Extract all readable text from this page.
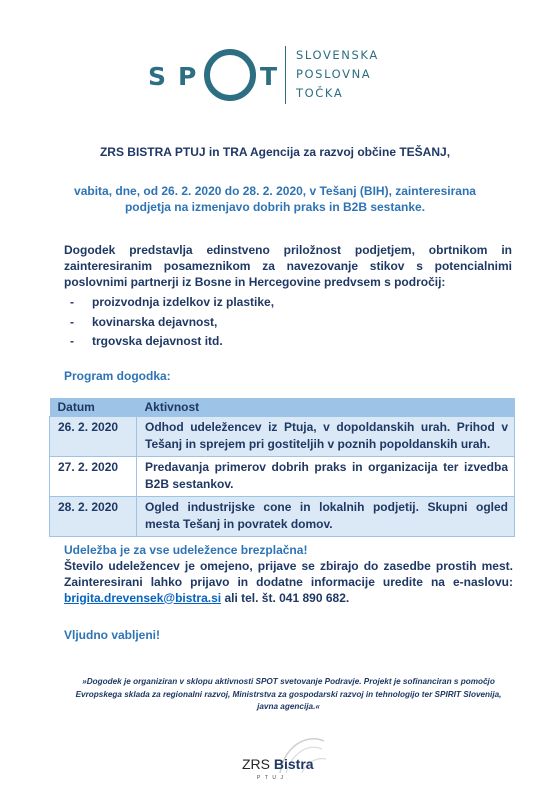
S P	T
SLOVENSKA
POSLOVNA
TOČKA
ZRS BISTRA PTUJ in TRA Agencija za razvoj občine TEŠANJ,
vabita, dne, od 26. 2. 2020 do 28. 2. 2020, v Tešanj (BIH), zainteresirana
podjetja na izmenjavo dobrih praks in B2B sestanke.
Dogodek predstavlja edinstveno priložnost podjetjem, obrtnikom in zainteresiranim posameznikom za navezovanje stikov s potencialnimi poslovnimi partnerji iz Bosne in Hercegovine predvsem s področij:
- proizvodnja izdelkov iz plastike,
- kovinarska dejavnost,
- trgovska dejavnost itd.
Program dogodka:
Datum	Aktivnost
26. 2. 2020	Odhod udeležencev iz Ptuja, v dopoldanskih urah. Prihod v Tešanj in sprejem pri gostiteljih v poznih popoldanskih urah.
27. 2. 2020	Predavanja primerov dobrih praks in organizacija ter izvedba B2B sestankov.
28. 2. 2020	Ogled industrijske cone in lokalnih podjetij. Skupni ogled mesta Tešanj in povratek domov.
Udeležba je za vse udeležence brezplačna!
Število udeležencev je omejeno, prijave se zbirajo do zasedbe prostih mest. Zainteresirani lahko prijavo in dodatne informacije uredite na e-naslovu: brigita.drevensek@bistra.si ali tel. št. 041 890 682.
Vljudno vabljeni!
»Dogodek je organiziran v sklopu aktivnosti SPOT svetovanje Podravje. Projekt je sofinanciran s pomočjo Evropskega sklada za regionalni razvoj, Ministrstva za gospodarski razvoj in tehnologijo ter SPIRIT Slovenija, javna agencija.«
ZRS Bistra
PTUJ
